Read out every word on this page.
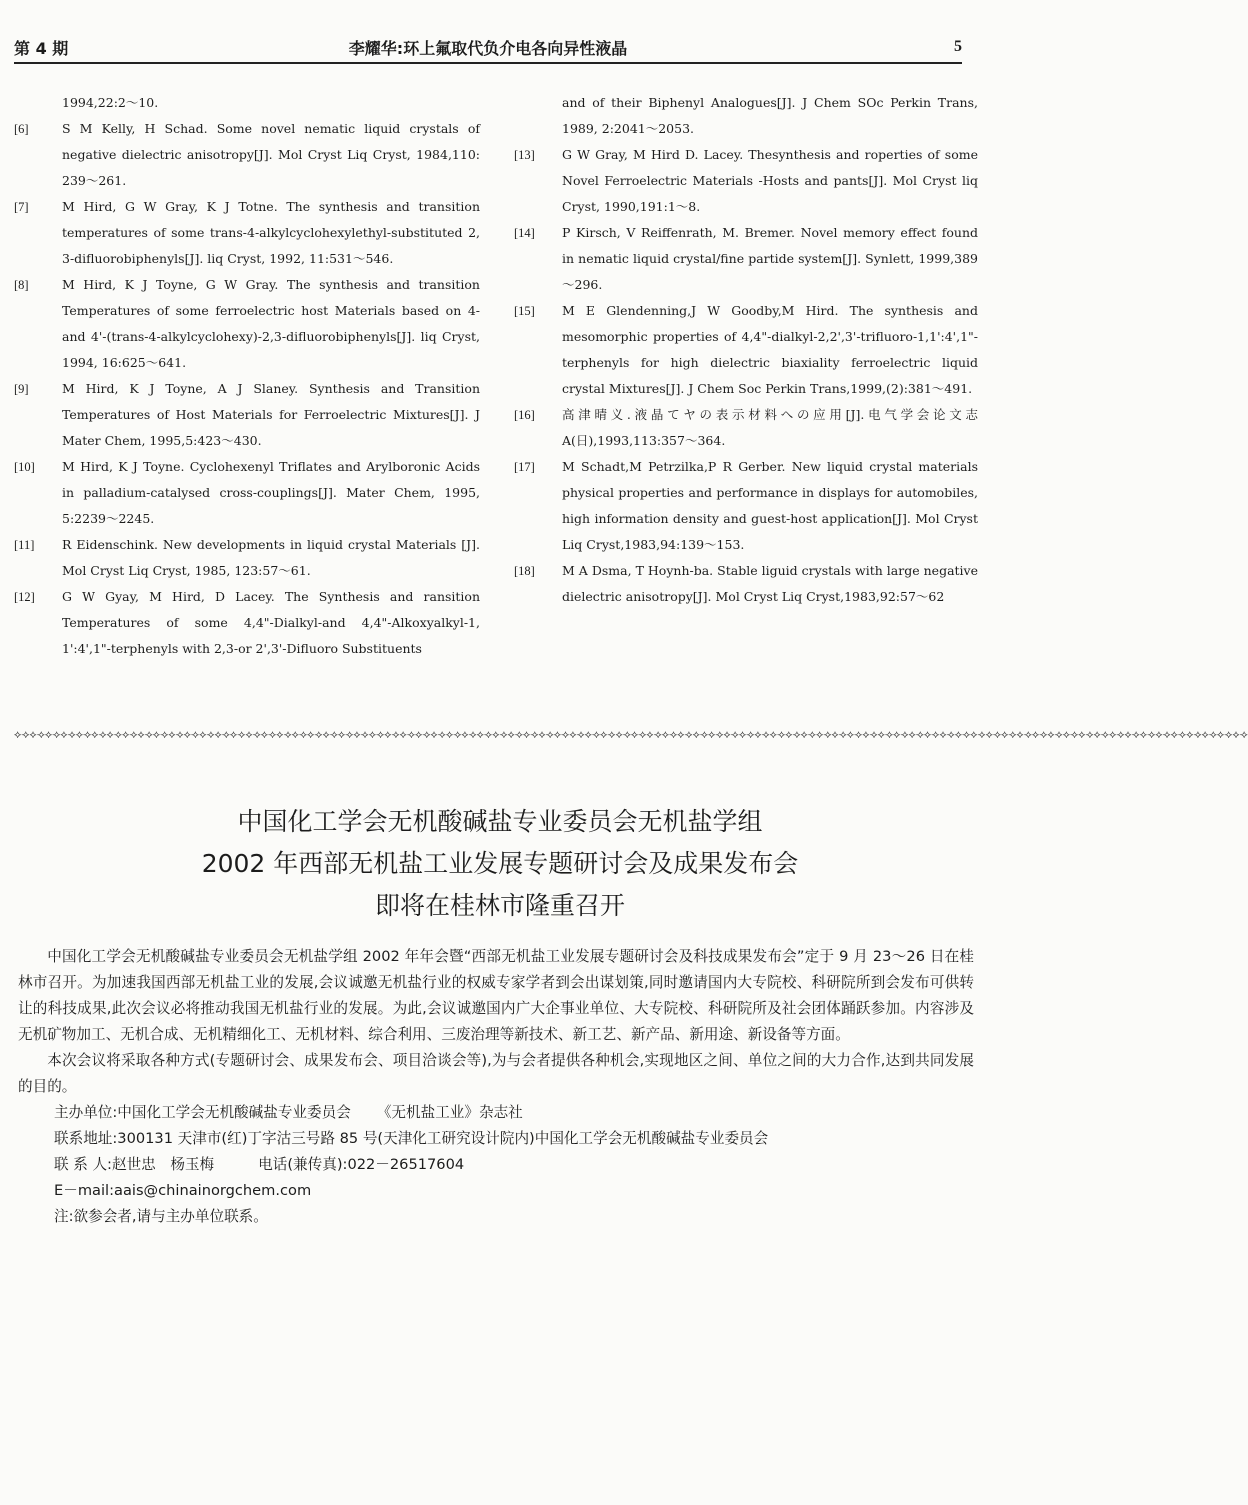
第 4 期	李耀华:环上氟取代负介电各向异性液晶	5
1994,22:2～10.
[6]	S M Kelly, H Schad. Some novel nematic liquid crystals of negative dielectric anisotropy[J]. Mol Cryst Liq Cryst, 1984,110: 239～261.
[7]	M Hird, G W Gray, K J Totne. The synthesis and transition temperatures of some trans-4-alkylcyclohexylethyl-substituted 2, 3-difluorobiphenyls[J]. liq Cryst, 1992, 11:531～546.
[8]	M Hird, K J Toyne, G W Gray. The synthesis and transition Temperatures of some ferroelectric host Materials based on 4-and 4'-(trans-4-alkylcyclohexy)-2,3-difluorobiphenyls[J]. liq Cryst, 1994, 16:625～641.
[9]	M Hird, K J Toyne, A J Slaney. Synthesis and Transition Temperatures of Host Materials for Ferroelectric Mixtures[J]. J Mater Chem, 1995,5:423～430.
[10]	M Hird, K J Toyne. Cyclohexenyl Triflates and Arylboronic Acids in palladium-catalysed cross-couplings[J]. Mater Chem, 1995, 5:2239～2245.
[11]	R Eidenschink. New developments in liquid crystal Materials [J]. Mol Cryst Liq Cryst, 1985, 123:57～61.
[12]	G W Gyay, M Hird, D Lacey. The Synthesis and ransition Temperatures of some 4,4"-Dialkyl-and 4,4"-Alkoxyalkyl-1, 1':4',1"-terphenyls with 2,3-or 2',3'-Difluoro Substituents
and of their Biphenyl Analogues[J]. J Chem SOc Perkin Trans, 1989, 2:2041～2053.
[13]	G W Gray, M Hird D. Lacey. Thesynthesis and roperties of some Novel Ferroelectric Materials -Hosts and pants[J]. Mol Cryst liq Cryst, 1990,191:1～8.
[14]	P Kirsch, V Reiffenrath, M. Bremer. Novel memory effect found in nematic liquid crystal/fine partide system[J]. Synlett, 1999,389～296.
[15]	M E Glendenning,J W Goodby,M Hird. The synthesis and mesomorphic properties of 4,4"-dialkyl-2,2',3'-trifluoro-1,1':4',1"-terphenyls for high dielectric biaxiality ferroelectric liquid crystal Mixtures[J]. J Chem Soc Perkin Trans,1999,(2):381～491.
[16]	高津晴义.液晶てヤの表示材料への应用[J].电气学会论文志 A(日),1993,113:357～364.
[17]	M Schadt,M Petrzilka,P R Gerber. New liquid crystal materials physical properties and performance in displays for automobiles, high information density and guest-host application[J]. Mol Cryst Liq Cryst,1983,94:139～153.
[18]	M A Dsma, T Hoynh-ba. Stable liguid crystals with large negative dielectric anisotropy[J]. Mol Cryst Liq Cryst,1983,92:57～62
⟡⟢⟡⟢⟡⟢⟡⟢⟡⟢⟡⟢⟡⟢⟡⟢⟡⟢⟡⟢⟡⟢⟡⟢⟡⟢⟡⟢⟡⟢⟡⟢⟡⟢⟡⟢⟡⟢⟡⟢⟡⟢⟡⟢⟡⟢⟡⟢⟡⟢⟡⟢⟡⟢⟡⟢⟡⟢⟡⟢⟡⟢⟡⟢⟡⟢⟡⟢⟡⟢⟡⟢⟡⟢⟡⟢⟡⟢⟡⟢⟡⟢⟡⟢⟡⟢⟡⟢⟡⟢⟡⟢⟡⟢⟡⟢⟡⟢⟡⟢⟡⟢⟡⟢⟡⟢⟡⟢⟡⟢⟡⟢⟡⟢⟡⟢⟡⟢⟡⟢⟡⟢⟡⟢⟡⟢⟡⟢⟡⟢⟡⟢⟡⟢⟡⟢⟡⟢⟡⟢⟡⟢⟡⟢⟡⟢⟡⟢⟡⟢⟡⟢⟡⟢⟡⟢⟡⟢⟡⟢
中国化工学会无机酸碱盐专业委员会无机盐学组
2002 年西部无机盐工业发展专题研讨会及成果发布会
即将在桂林市隆重召开

中国化工学会无机酸碱盐专业委员会无机盐学组 2002 年年会暨“西部无机盐工业发展专题研讨会及科技成果发布会”定于 9 月 23～26 日在桂林市召开。为加速我国西部无机盐工业的发展,会议诚邀无机盐行业的权威专家学者到会出谋划策,同时邀请国内大专院校、科研院所到会发布可供转让的科技成果,此次会议必将推动我国无机盐行业的发展。为此,会议诚邀国内广大企事业单位、大专院校、科研院所及社会团体踊跃参加。内容涉及无机矿物加工、无机合成、无机精细化工、无机材料、综合利用、三废治理等新技术、新工艺、新产品、新用途、新设备等方面。

本次会议将采取各种方式(专题研讨会、成果发布会、项目洽谈会等),为与会者提供各种机会,实现地区之间、单位之间的大力合作,达到共同发展的目的。

主办单位:中国化工学会无机酸碱盐专业委员会 《无机盐工业》杂志社

联系地址:300131 天津市(红)丁字沽三号路 85 号(天津化工研究设计院内)中国化工学会无机酸碱盐专业委员会

联 系 人:赵世忠　杨玉梅	电话(兼传真):022－26517604

E－mail:aais@chinainorgchem.com

注:欲参会者,请与主办单位联系。
